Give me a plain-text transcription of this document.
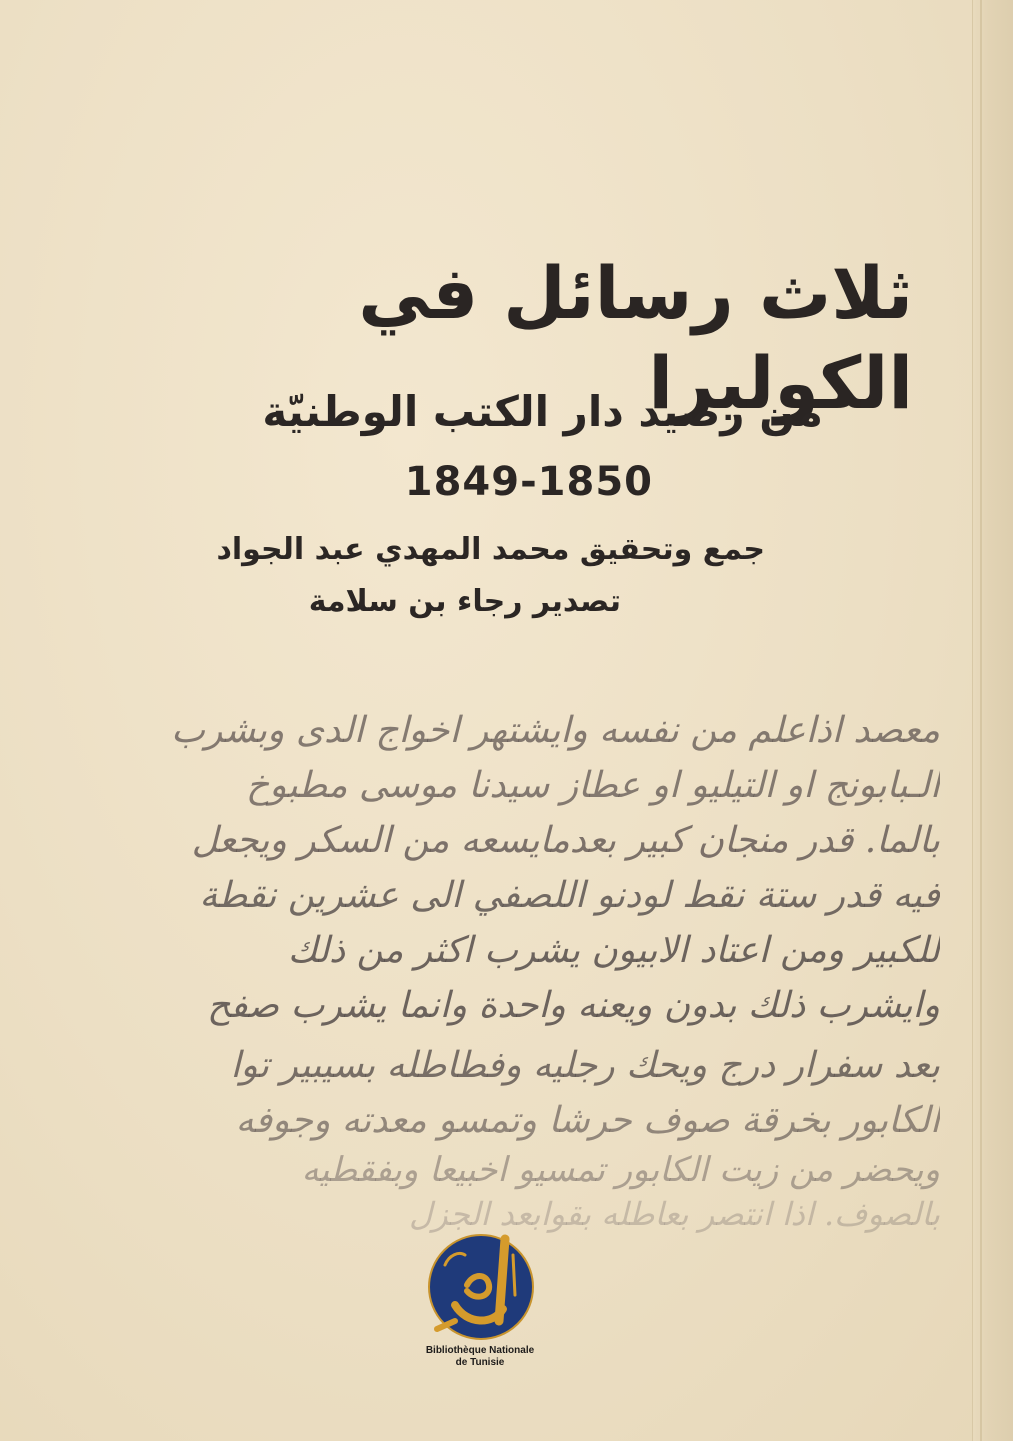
ثلاث رسائل في الكوليرا
من رصيد دار الكتب الوطنيّة
1849-1850
جمع وتحقيق محمد المهدي عبد الجواد
تصدير رجاء بن سلامة
معصد اذاعلم من نفسه وايشتهر اخواج الدى وبشرب
الـبابونج او التيليو او عطاز سيدنا موسى مطبوخ
بالما. قدر منجان كبير بعدمايسعه من السكر ويجعل
فيه قدر ستة نقط لودنو اللصفي الى عشرين نقطة
للكبير ومن اعتاد الابيون يشرب اكثر من ذلك
وايشرب ذلك بدون ويعنه واحدة وانما يشرب صفح
بعد سفرار درج ويحك رجليه وفطاطله بسيبير توا
الكابور بخرقة صوف حرشا وتمسو معدته وجوفه
ويحضر من زيت الكابور تمسيو اخبيعا وبفقطيه
بالصوف. اذا انتصر بعاطله بقوابعد الجزل
Bibliothèque Nationale
de Tunisie
